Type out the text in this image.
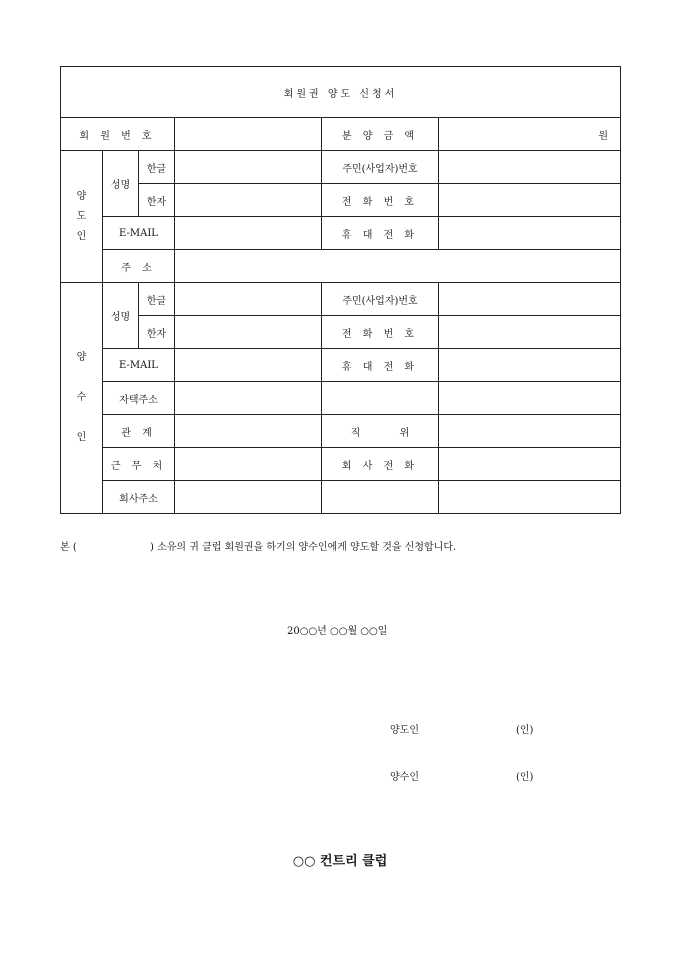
회원권 양도 신청서					
회 원 번 호				분 양 금 액	원
양
도
인	성명	한글		주민(사업자)번호	
		한자		전 화 번 호	
	E-MAIL			휴 대 전 화	
	주 소				
양

수

인	성명	한글		주민(사업자)번호	
		한자		전 화 번 호	
	E-MAIL			휴 대 전 화	
	자택주소				
	관 계			직 위	
	근 무 처			회 사 전 화	
	회사주소				
본 (	) 소유의 귀 클럽 회원권을 하기의 양수인에게 양도할 것을 신청합니다.
20○○년 ○○월 ○○일
양도인	(인)
양수인	(인)
○○ 컨트리 클럽
